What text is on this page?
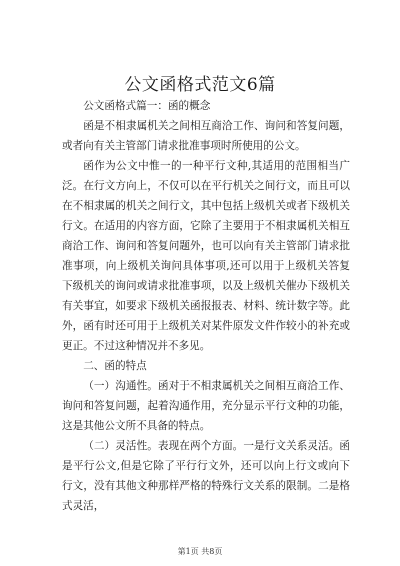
公文函格式范文6篇

公文函格式篇一：函的概念

函是不相隶属机关之间相互商洽工作、询问和答复问题，或者向有关主管部门请求批准事项时所使用的公文。

函作为公文中惟一的一种平行文种,其适用的范围相当广泛。在行文方向上，不仅可以在平行机关之间行文，而且可以在不相隶属的机关之间行文，其中包括上级机关或者下级机关行文。在适用的内容方面，它除了主要用于不相隶属机关相互商洽工作、询问和答复问题外，也可以向有关主管部门请求批准事项，向上级机关询问具体事项,还可以用于上级机关答复下级机关的询问或请求批准事项，以及上级机关催办下级机关有关事宜，如要求下级机关函报报表、材料、统计数字等。此外，函有时还可用于上级机关对某件原发文件作较小的补充或更正。不过这种情况并不多见。

二、函的特点

（一）沟通性。函对于不相隶属机关之间相互商洽工作、询问和答复问题，起着沟通作用，充分显示平行文种的功能，这是其他公文所不具备的特点。

（二）灵活性。表现在两个方面。一是行文关系灵活。函是平行公文,但是它除了平行行文外，还可以向上行文或向下行文，没有其他文种那样严格的特殊行文关系的限制。二是格式灵活，

第1页 共8页
